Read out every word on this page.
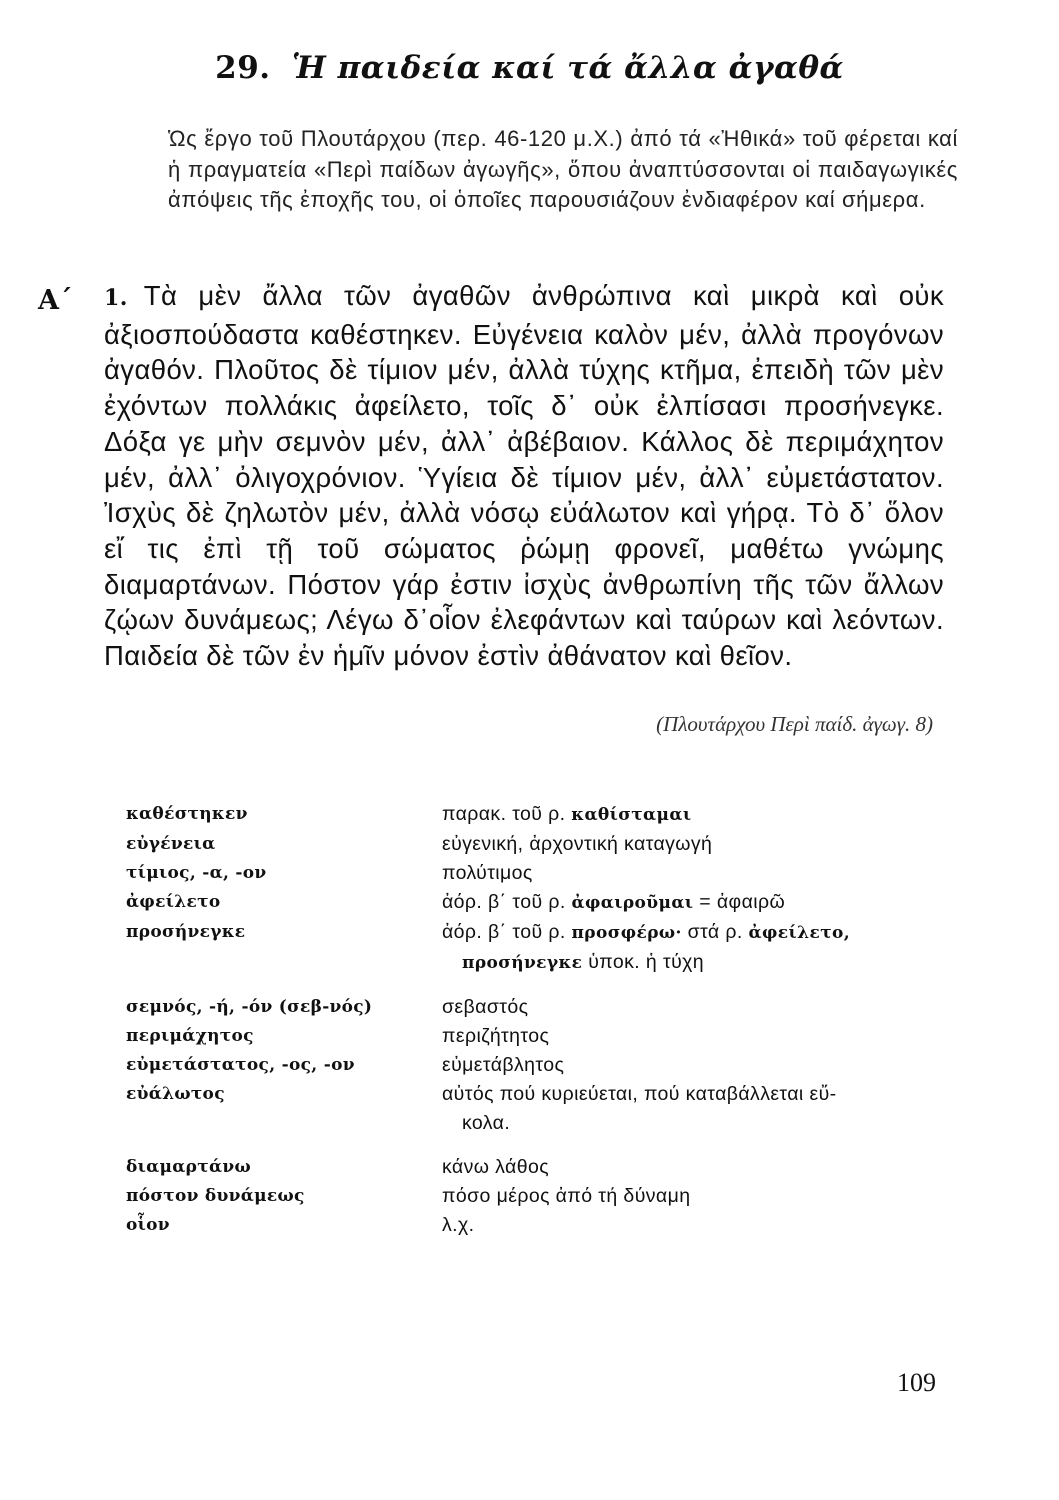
29. Ἡ παιδεία καί τά ἄλλα ἀγαθά
Ὡς ἔργο τοῦ Πλουτάρχου (περ. 46-120 μ.Χ.) ἀπό τά «Ἠθικά» τοῦ φέρεται καί ἡ πραγματεία «Περὶ παίδων ἀγωγῆς», ὅπου ἀναπτύσσονται οἱ παιδαγωγικές ἀπόψεις τῆς ἐποχῆς του, οἱ ὁποῖες παρουσιάζουν ἐνδιαφέρον καί σήμερα.
Α΄ 1. Τὰ μὲν ἄλλα τῶν ἀγαθῶν ἀνθρώπινα καὶ μικρὰ καὶ οὐκ ἀξιοσπούδαστα καθέστηκεν. Εὐγένεια καλὸν μέν, ἀλλὰ προγόνων ἀγαθόν. Πλοῦτος δὲ τίμιον μέν, ἀλλὰ τύχης κτῆμα, ἐπειδὴ τῶν μὲν ἐχόντων πολλάκις ἀφείλετο, τοῖς δ᾽ οὐκ ἐλπίσασι προσήνεγκε. Δόξα γε μὴν σεμνὸν μέν, ἀλλ᾽ ἀβέβαιον. Κάλλος δὲ περιμάχητον μέν, ἀλλ᾽ ὀλιγοχρόνιον. Ὑγίεια δὲ τίμιον μέν, ἀλλ᾽ εὐμετάστατον. Ἰσχὺς δὲ ζηλωτὸν μέν, ἀλλὰ νόσῳ εὐάλωτον καὶ γήρᾳ. Τὸ δ᾽ ὅλον εἴ τις ἐπὶ τῇ τοῦ σώματος ῥώμῃ φρονεῖ, μαθέτω γνώμης διαμαρτάνων. Πόστον γάρ ἐστιν ἰσχὺς ἀνθρωπίνη τῆς τῶν ἄλλων ζῴων δυνάμεως; Λέγω δ᾽οἷον ἐλεφάντων καὶ ταύρων καὶ λεόντων. Παιδεία δὲ τῶν ἐν ἡμῖν μόνον ἐστὶν ἀθάνατον καὶ θεῖον.

(Πλουτάρχου Περὶ παίδ. ἀγωγ. 8)
καθέστηκεν	παρακ. τοῦ ρ. καθίσταμαι
εὐγένεια	εὐγενική, ἀρχοντική καταγωγή
τίμιος, -α, -ον	πολύτιμος
ἀφείλετο	ἀόρ. β΄ τοῦ ρ. ἀφαιροῦμαι = ἀφαιρῶ
προσήνεγκε	ἀόρ. β΄ τοῦ ρ. προσφέρω· στά ρ. ἀφείλετο,
προσήνεγκε ὑποκ. ἡ τύχη

σεμνός, -ή, -όν (σεβ-νός)	σεβαστός
περιμάχητος	περιζήτητος
εὐμετάστατος, -ος, -ον	εὐμετάβλητος
εὐάλωτος	αὐτός πού κυριεύεται, πού καταβάλλεται εὔ-
κολα.

διαμαρτάνω	κάνω λάθος
πόστον δυνάμεως	πόσο μέρος ἀπό τή δύναμη
οἷον	λ.χ.
109
